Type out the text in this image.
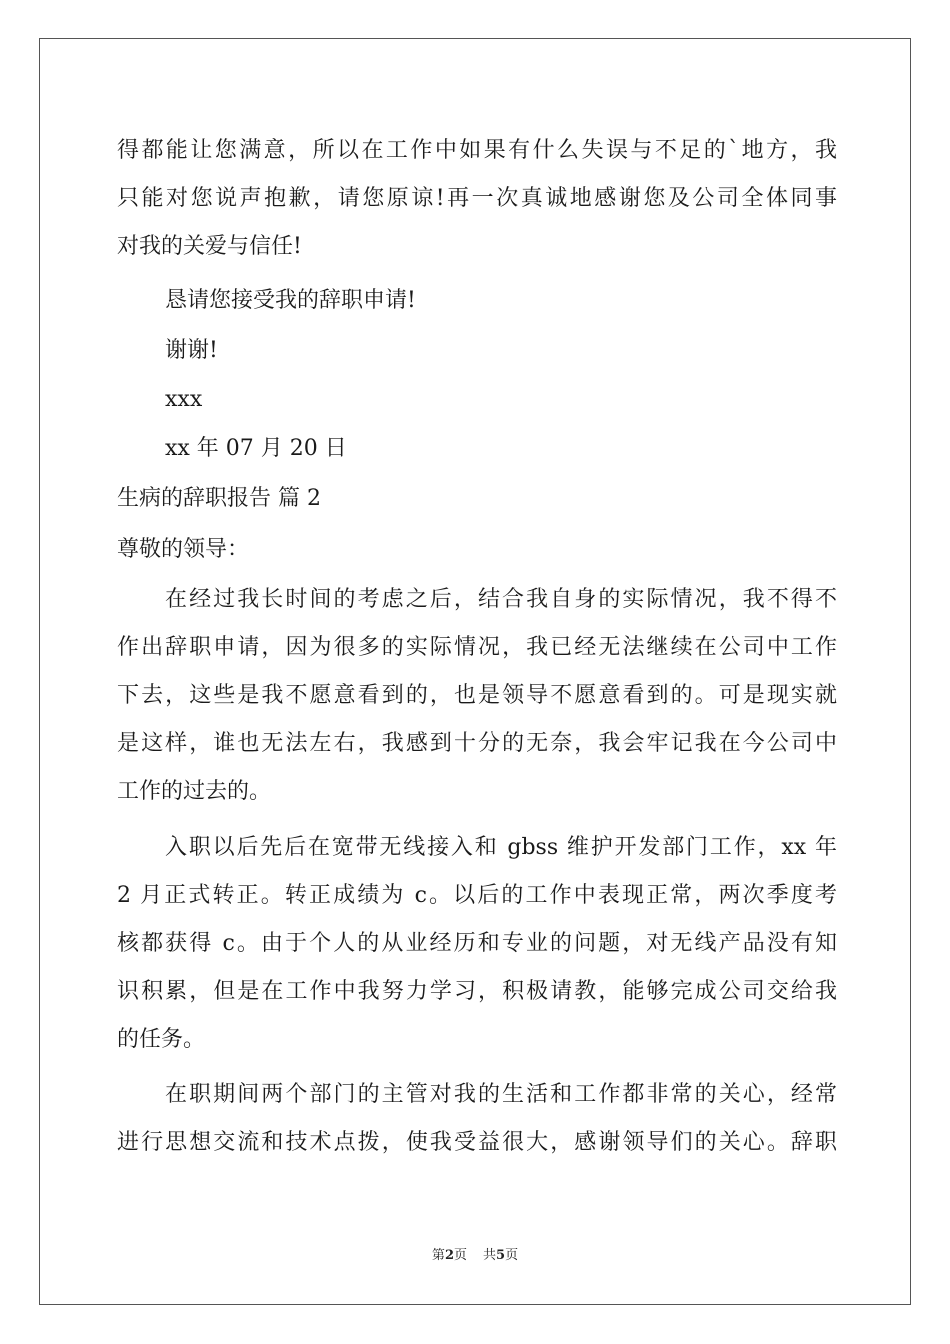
得都能让您满意，所以在工作中如果有什么失误与不足的`地方，我
只能对您说声抱歉，请您原谅!再一次真诚地感谢您及公司全体同事
对我的关爱与信任!
恳请您接受我的辞职申请!
谢谢!
xxx
xx 年 07 月 20 日
生病的辞职报告 篇 2
尊敬的领导：
在经过我长时间的考虑之后，结合我自身的实际情况，我不得不
作出辞职申请，因为很多的实际情况，我已经无法继续在公司中工作
下去，这些是我不愿意看到的，也是领导不愿意看到的。可是现实就
是这样，谁也无法左右，我感到十分的无奈，我会牢记我在今公司中
工作的过去的。
入职以后先后在宽带无线接入和 gbss 维护开发部门工作，xx 年
2 月正式转正。转正成绩为 c。以后的工作中表现正常，两次季度考
核都获得 c。由于个人的从业经历和专业的问题，对无线产品没有知
识积累，但是在工作中我努力学习，积极请教，能够完成公司交给我
的任务。
在职期间两个部门的主管对我的生活和工作都非常的关心，经常
进行思想交流和技术点拨，使我受益很大，感谢领导们的关心。辞职
第2页 共5页
